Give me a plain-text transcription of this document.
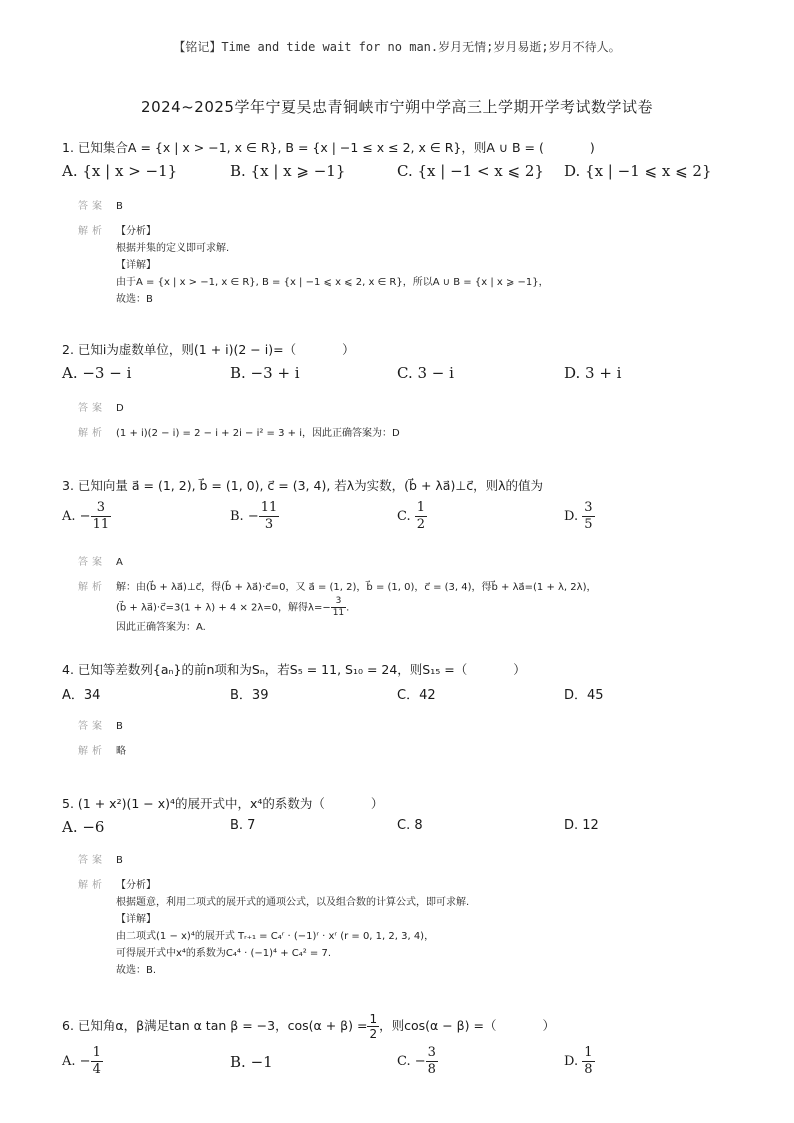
【铭记】Time and tide wait for no man.岁月无情;岁月易逝;岁月不待人。
2024~2025学年宁夏吴忠青铜峡市宁朔中学高三上学期开学考试数学试卷
1. 已知集合A = {x | x > −1, x ∈ R}, B = {x | −1 ≤ x ≤ 2, x ∈ R}，则A ∪ B = (	)
A. {x | x > −1}	B. {x | x ⩾ −1}	C. {x | −1 < x ⩽ 2} D. {x | −1 ⩽ x ⩽ 2}
答案 B
解析 【分析】
根据并集的定义即可求解.
【详解】
由于A = {x | x > −1, x ∈ R}, B = {x | −1 ⩽ x ⩽ 2, x ∈ R}，所以A ∪ B = {x | x ⩾ −1}，
故选：B
2. 已知i为虚数单位，则(1 + i)(2 − i)=（	）
A. −3 − i	B. −3 + i	C. 3 − i	D. 3 + i
答案 D
解析 (1 + i)(2 − i) = 2 − i + 2i − i² = 3 + i，因此正确答案为：D
3. 已知向量 a⃗ = (1, 2), b⃗ = (1, 0), c⃗ = (3, 4), 若λ为实数，(b⃗ + λa⃗)⊥c⃗，则λ的值为
A. − $\frac{3}{11}$	B. − $\frac{11}{3}$	C. $\frac{1}{2}$	D. $\frac{3}{5}$
答案 A
解析 解：由(b⃗ + λa⃗)⊥c⃗，得(b⃗ + λa⃗)·c⃗=0，又 a⃗ = (1, 2)，b⃗ = (1, 0)，c⃗ = (3, 4)，得b⃗ + λa⃗=(1 + λ, 2λ)，
(b⃗ + λa⃗)·c⃗=3(1 + λ) + 4 × 2λ=0，解得$\lambda=- \frac{3}{11}$ .
因此正确答案为：A.
4. 已知等差数列{aₙ}的前n项和为Sₙ，若S₅ = 11, S₁₀ = 24，则S₁₅ =（	）
A．34	B．39	C．42	D．45
答案 B
解析 略
5. (1 + x²)(1 − x)⁴的展开式中，x⁴的系数为（	）
A. −6	B. 7	C. 8	D. 12
答案 B
解析 【分析】
根据题意，利用二项式的展开式的通项公式，以及组合数的计算公式，即可求解.
【详解】
由二项式(1 − x)⁴的展开式 Tᵣ₊₁ = C₄ʳ · (−1)ʳ · xʳ (r = 0, 1, 2, 3, 4)，
可得展开式中x⁴的系数为C₄⁴ · (−1)⁴ + C₄² = 7.
故选：B.
6. 已知角α，β满足tan α tan β = −3，$\cos(\alpha + \beta) = \frac{1}{2}$ ，则cos(α − β) =（	）
A. − $\frac{1}{4}$	B. −1	C. − $\frac{3}{8}$	D. $\frac{1}{8}$
